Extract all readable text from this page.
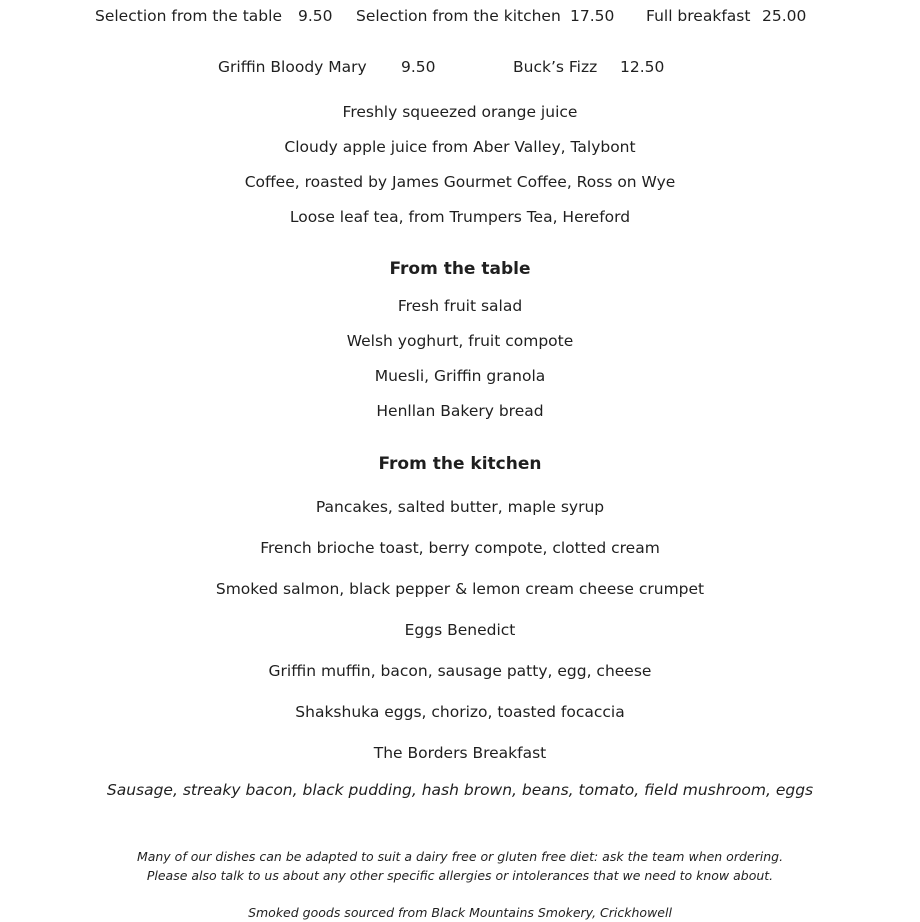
Selection from the table 9.50 Selection from the kitchen 17.50 Full breakfast 25.00
Griffin Bloody Mary 9.50	Buck’s Fizz 12.50
Freshly squeezed orange juice
Cloudy apple juice from Aber Valley, Talybont
Coffee, roasted by James Gourmet Coffee, Ross on Wye
Loose leaf tea, from Trumpers Tea, Hereford
From the table
Fresh fruit salad
Welsh yoghurt, fruit compote
Muesli, Griffin granola
Henllan Bakery bread
From the kitchen
Pancakes, salted butter, maple syrup
French brioche toast, berry compote, clotted cream
Smoked salmon, black pepper & lemon cream cheese crumpet
Eggs Benedict
Griffin muffin, bacon, sausage patty, egg, cheese
Shakshuka eggs, chorizo, toasted focaccia
The Borders Breakfast
Sausage, streaky bacon, black pudding, hash brown, beans, tomato, field mushroom, eggs
Many of our dishes can be adapted to suit a dairy free or gluten free diet: ask the team when ordering.
Please also talk to us about any other specific allergies or intolerances that we need to know about.
Smoked goods sourced from Black Mountains Smokery, Crickhowell
